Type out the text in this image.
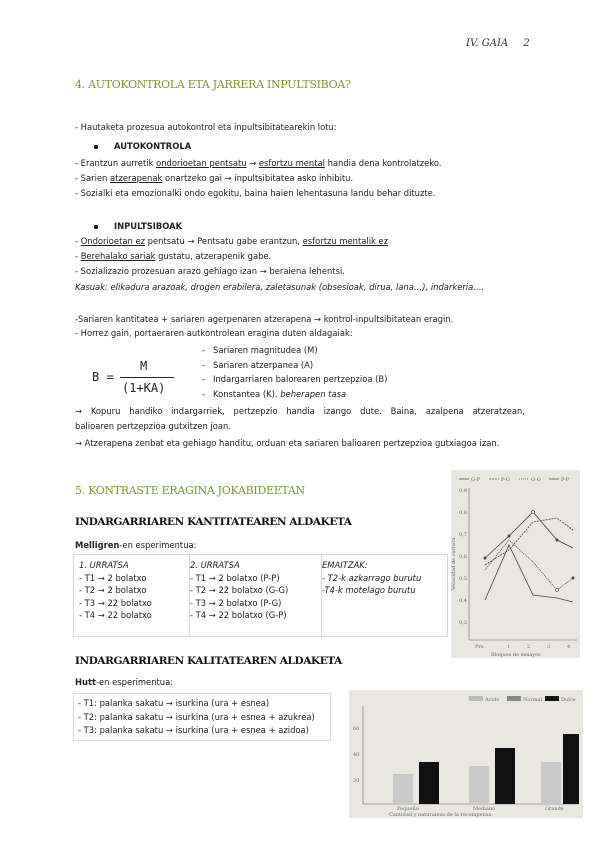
IV. GAIA 2
4. AUTOKONTROLA ETA JARRERA INPULTSIBOA?
- Hautaketa prozesua autokontrol eta inpultsibitatearekin lotu:
AUTOKONTROLA
- Erantzun aurretik ondorioetan pentsatu → esfortzu mental handia dena kontrolatzeko.
- Sarien atzerapenak onartzeko gai → inpultsibitatea asko inhibitu.
- Sozialki eta emozionalki ondo egokitu, baina haien lehentasuna landu behar dituzte.
INPULTSIBOAK
- Ondorioetan ez pentsatu → Pentsatu gabe erantzun, esfortzu mentalik ez
- Berehalako sariak gustatu, atzerapenik gabe.
- Sozializazio prozesuan arazo gehiago izan → beraiena lehentsi.
Kasuak: elikadura arazoak, drogen erabilera, zaletasunak (obsesioak, dirua, lana…), indarkeria….
-Sariaren kantitatea + sariaren agerpenaren atzerapena → kontrol-inpultsibitatean eragin.
- Horrez gain, portaeraren autkontrolean eragina duten aldagaiak:
B =
M
(1+KA)
- Sariaren magnitudea (M)
- Sariaren atzerpanea (A)
- Indargarriaren balorearen pertzepzioa (B)
- Konstantea (K). beherapen tasa
→ Kopuru handiko indargarriek, pertzepzio handia izango dute. Baina, azalpena atzeratzean,
balioaren pertzepzioa gutxitzen joan.
→ Atzerapena zenbat eta gehiago handitu, orduan eta sariaren balioaren pertzepzioa gutxiagoa izan.
5. KONTRASTE ERAGINA JOKABIDEETAN
INDARGARRIAREN KANTITATEAREN ALDAKETA
Melligren-en esperimentua:
1. URRATSA
- T1 → 2 bolatxo
- T2 → 2 bolatxo
- T3 → 22 bolatxo
- T4 → 22 bolatxo
2. URRATSA
- T1 → 2 bolatxo (P-P)
- T2 → 22 bolatxo (G-G)
- T3 → 2 bolatxo (P-G)
- T4 → 22 bolatxo (G-P)
EMAITZAK:
- T2-k azkarrago burutu
-T4-k motelago burutu
INDARGARRIAREN KALITATEAREN ALDAKETA
Hutt-en esperimentua:
- T1: palanka sakatu → isurkina (ura + esnea)
- T2: palanka sakatu → isurkina (ura + esnea + azukrea)
- T3: palanka sakatu → isurkina (ura + esnea + azidoa)
G-P	P-G	G-G	P-P
0,9
0,8
0,7
0,6
0,5
0,4
0,3
Velocidad de carrera
Pre	1	2	3	4
Bloques de ensayos
Ácido	Normal	Dulce
60
40
20
Pequeño	Mediano	Grande
Cantidad y naturaleza de la recompensa
